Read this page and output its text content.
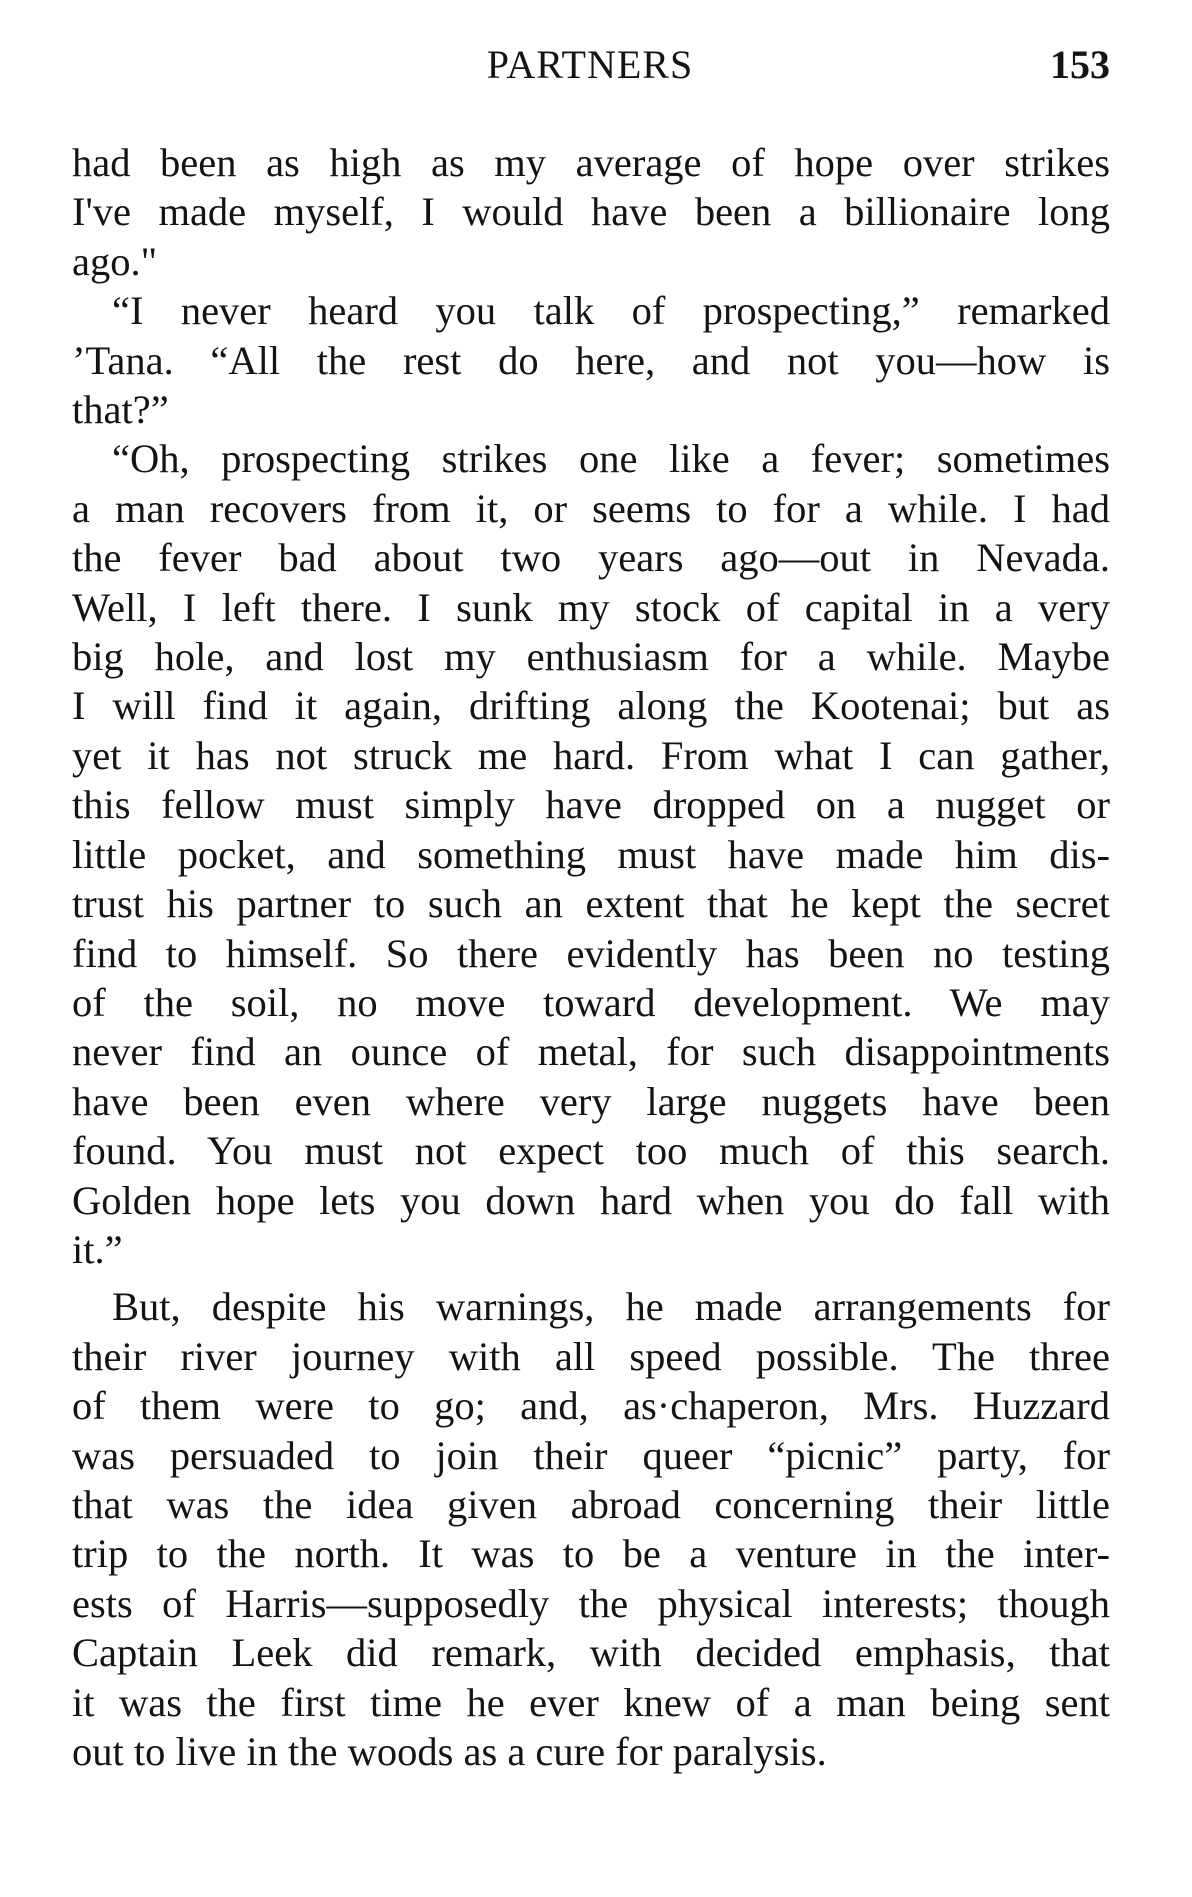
PARTNERS	153

had been as high as my average of hope over strikes
I've made myself, I would have been a billionaire long
ago."

“I never heard you talk of prospecting,” remarked
’Tana. “All the rest do here, and not you—how is
that?”

“Oh, prospecting strikes one like a fever; sometimes
a man recovers from it, or seems to for a while. I had
the fever bad about two years ago—out in Nevada.
Well, I left there. I sunk my stock of capital in a very
big hole, and lost my enthusiasm for a while. Maybe
I will find it again, drifting along the Kootenai; but as
yet it has not struck me hard. From what I can gather,
this fellow must simply have dropped on a nugget or
little pocket, and something must have made him dis-
trust his partner to such an extent that he kept the secret
find to himself. So there evidently has been no testing
of the soil, no move toward development. We may
never find an ounce of metal, for such disappointments
have been even where very large nuggets have been
found. You must not expect too much of this search.
Golden hope lets you down hard when you do fall with
it.”

But, despite his warnings, he made arrangements for
their river journey with all speed possible. The three
of them were to go; and, as·chaperon, Mrs. Huzzard
was persuaded to join their queer “picnic” party, for
that was the idea given abroad concerning their little
trip to the north. It was to be a venture in the inter-
ests of Harris—supposedly the physical interests; though
Captain Leek did remark, with decided emphasis, that
it was the first time he ever knew of a man being sent
out to live in the woods as a cure for paralysis.
